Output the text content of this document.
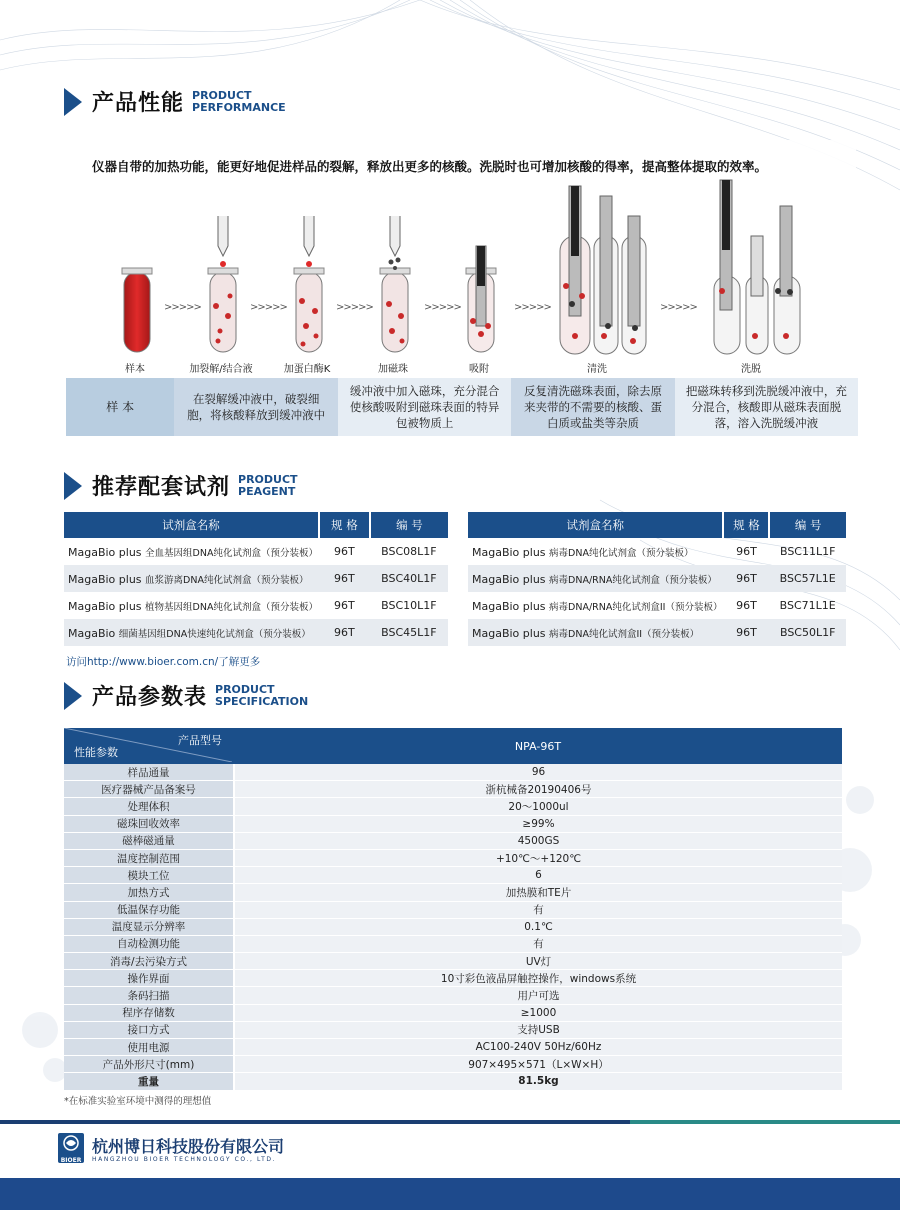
产品性能 PRODUCT
PERFORMANCE
仪器自带的加热功能，能更好地促进样品的裂解，释放出更多的核酸。洗脱时也可增加核酸的得率，提高整体提取的效率。
>>>>>	>>>>>	>>>>>	>>>>>	>>>>>	>>>>>
样本	加裂解/结合液	加蛋白酶K	加磁珠	吸附	清洗	洗脱
样 本
在裂解缓冲液中，破裂细胞，将核酸释放到缓冲液中
缓冲液中加入磁珠，充分混合使核酸吸附到磁珠表面的特异包被物质上
反复清洗磁珠表面，除去原来夹带的不需要的核酸、蛋白质或盐类等杂质
把磁珠转移到洗脱缓冲液中，充分混合，核酸即从磁珠表面脱落，溶入洗脱缓冲液
推荐配套试剂 PRODUCT
PEAGENT
试剂盒名称	规 格	编 号
MagaBio plus 全血基因组DNA纯化试剂盒（预分装板）	96T	BSC08L1F
MagaBio plus 血浆游离DNA纯化试剂盒（预分装板）	96T	BSC40L1F
MagaBio plus 植物基因组DNA纯化试剂盒（预分装板）	96T	BSC10L1F
MagaBio 细菌基因组DNA快速纯化试剂盒（预分装板）	96T	BSC45L1F
试剂盒名称	规 格	编 号
MagaBio plus 病毒DNA纯化试剂盒（预分装板）	96T	BSC11L1F
MagaBio plus 病毒DNA/RNA纯化试剂盒（预分装板）	96T	BSC57L1E
MagaBio plus 病毒DNA/RNA纯化试剂盒II（预分装板）	96T	BSC71L1E
MagaBio plus 病毒DNA纯化试剂盒II（预分装板）	96T	BSC50L1F
访问http://www.bioer.com.cn/了解更多
产品参数表 PRODUCT
SPECIFICATION
产品型号
性能参数	NPA-96T
样品通量	96
医疗器械产品备案号	浙杭械备20190406号
处理体积	20～1000ul
磁珠回收效率	≥99%
磁棒磁通量	4500GS
温度控制范围	+10℃～+120℃
模块工位	6
加热方式	加热膜和TE片
低温保存功能	有
温度显示分辨率	0.1℃
自动检测功能	有
消毒/去污染方式	UV灯
操作界面	10寸彩色液晶屏触控操作，windows系统
条码扫描	用户可选
程序存储数	≥1000
接口方式	支持USB
使用电源	AC100-240V 50Hz/60Hz
产品外形尺寸(mm)	907×495×571（L×W×H）
重量	81.5kg
*在标准实验室环境中测得的理想值
BIOER
杭州博日科技股份有限公司
HANGZHOU BIOER TECHNOLOGY CO., LTD.
